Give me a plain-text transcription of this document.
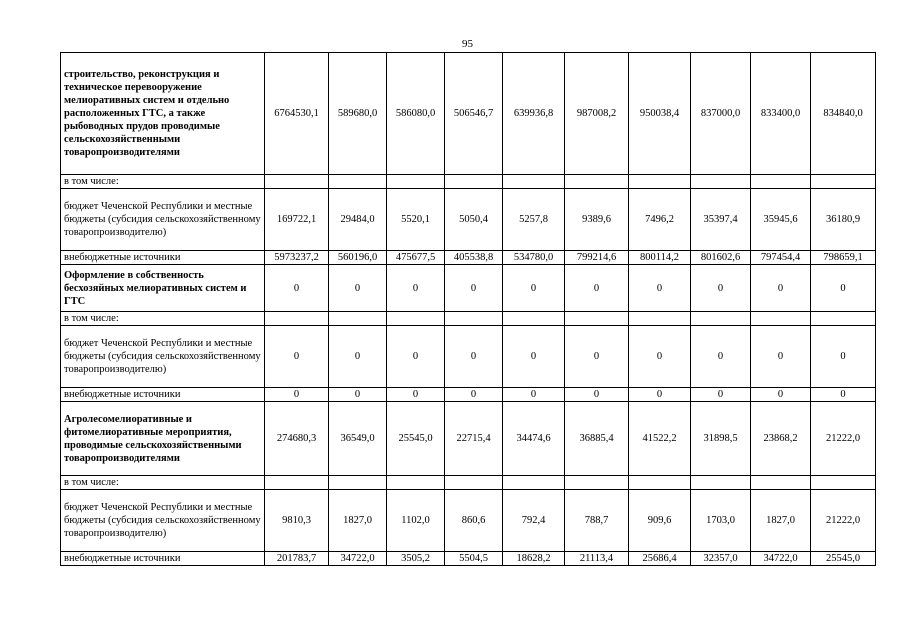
95
строительство, реконструкция и техническое перевооружение мелиоративных систем и отдельно расположенных ГТС, а также рыбоводных прудов проводимые сельскохозяйственными товаропроизводителями	6764530,1	589680,0	586080,0	506546,7	639936,8	987008,2	950038,4	837000,0	833400,0	834840,0
в том числе:										
бюджет Чеченской Республики и местные бюджеты (субсидия сельскохозяйственному товаропроизводителю)	169722,1	29484,0	5520,1	5050,4	5257,8	9389,6	7496,2	35397,4	35945,6	36180,9
внебюджетные источники	5973237,2	560196,0	475677,5	405538,8	534780,0	799214,6	800114,2	801602,6	797454,4	798659,1
Оформление в собственность бесхозяйных мелиоративных систем и ГТС	0	0	0	0	0	0	0	0	0	0
в том числе:										
бюджет Чеченской Республики и местные бюджеты (субсидия сельскохозяйственному товаропроизводителю)	0	0	0	0	0	0	0	0	0	0
внебюджетные источники	0	0	0	0	0	0	0	0	0	0
Агролесомелиоративные и фитомелиоративные мероприятия, проводимые сельскохозяйственными товаропроизводителями	274680,3	36549,0	25545,0	22715,4	34474,6	36885,4	41522,2	31898,5	23868,2	21222,0
в том числе:										
бюджет Чеченской Республики и местные бюджеты (субсидия сельскохозяйственному товаропроизводителю)	9810,3	1827,0	1102,0	860,6	792,4	788,7	909,6	1703,0	1827,0	21222,0
внебюджетные источники	201783,7	34722,0	3505,2	5504,5	18628,2	21113,4	25686,4	32357,0	34722,0	25545,0
